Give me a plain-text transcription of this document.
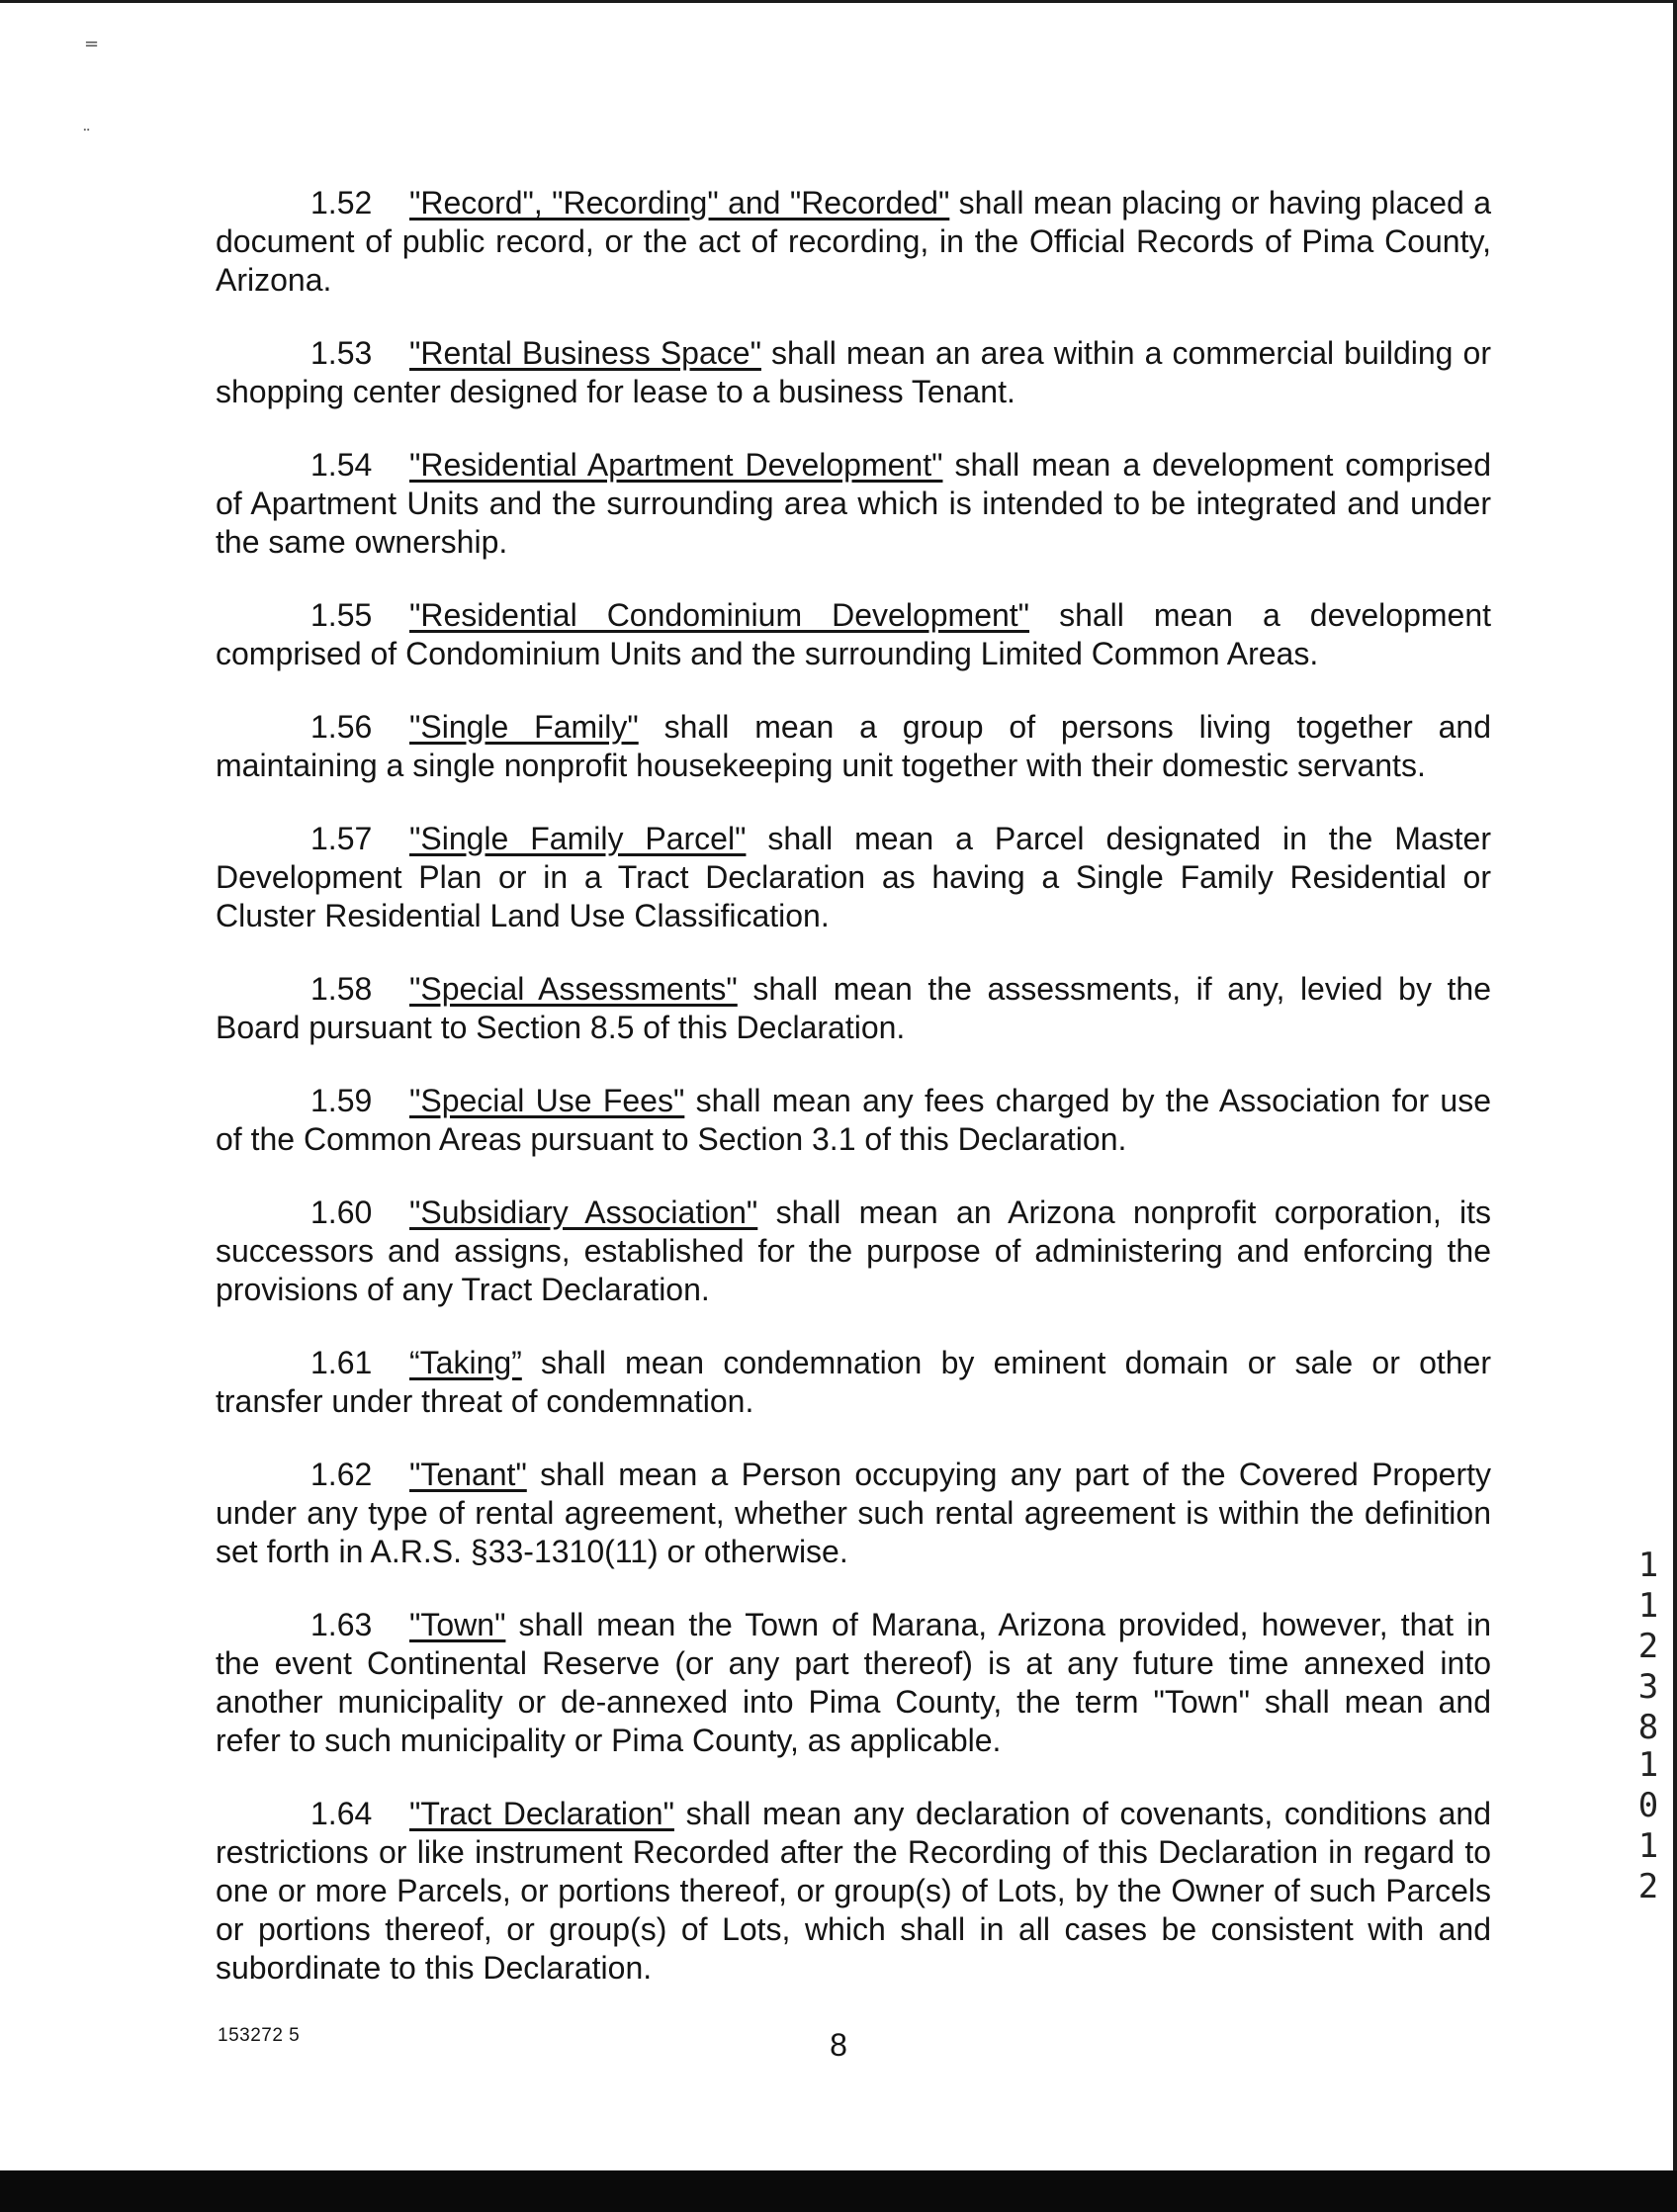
=
¨

1.52 "Record", "Recording" and "Recorded" shall mean placing or having placed a document of public record, or the act of recording, in the Official Records of Pima County, Arizona.

1.53 "Rental Business Space" shall mean an area within a commercial building or shopping center designed for lease to a business Tenant.

1.54 "Residential Apartment Development" shall mean a development comprised of Apartment Units and the surrounding area which is intended to be integrated and under the same ownership.

1.55 "Residential Condominium Development" shall mean a development comprised of Condominium Units and the surrounding Limited Common Areas.

1.56 "Single Family" shall mean a group of persons living together and maintaining a single nonprofit housekeeping unit together with their domestic servants.

1.57 "Single Family Parcel" shall mean a Parcel designated in the Master Development Plan or in a Tract Declaration as having a Single Family Residential or Cluster Residential Land Use Classification.

1.58 "Special Assessments" shall mean the assessments, if any, levied by the Board pursuant to Section 8.5 of this Declaration.

1.59 "Special Use Fees" shall mean any fees charged by the Association for use of the Common Areas pursuant to Section 3.1 of this Declaration.

1.60 "Subsidiary Association" shall mean an Arizona nonprofit corporation, its successors and assigns, established for the purpose of administering and enforcing the provisions of any Tract Declaration.

1.61 “Taking” shall mean condemnation by eminent domain or sale or other transfer under threat of condemnation.

1.62 "Tenant" shall mean a Person occupying any part of the Covered Property under any type of rental agreement, whether such rental agreement is within the definition set forth in A.R.S. §33-1310(11) or otherwise.

1.63 "Town" shall mean the Town of Marana, Arizona provided, however, that in the event Continental Reserve (or any part thereof) is at any future time annexed into another municipality or de-annexed into Pima County, the term "Town" shall mean and refer to such municipality or Pima County, as applicable.

1.64 "Tract Declaration" shall mean any declaration of covenants, conditions and restrictions or like instrument Recorded after the Recording of this Declaration in regard to one or more Parcels, or portions thereof, or group(s) of Lots, by the Owner of such Parcels or portions thereof, or group(s) of Lots, which shall in all cases be consistent with and subordinate to this Declaration.

8
153272 5
1
1
2
3
8
1
0
1
2
